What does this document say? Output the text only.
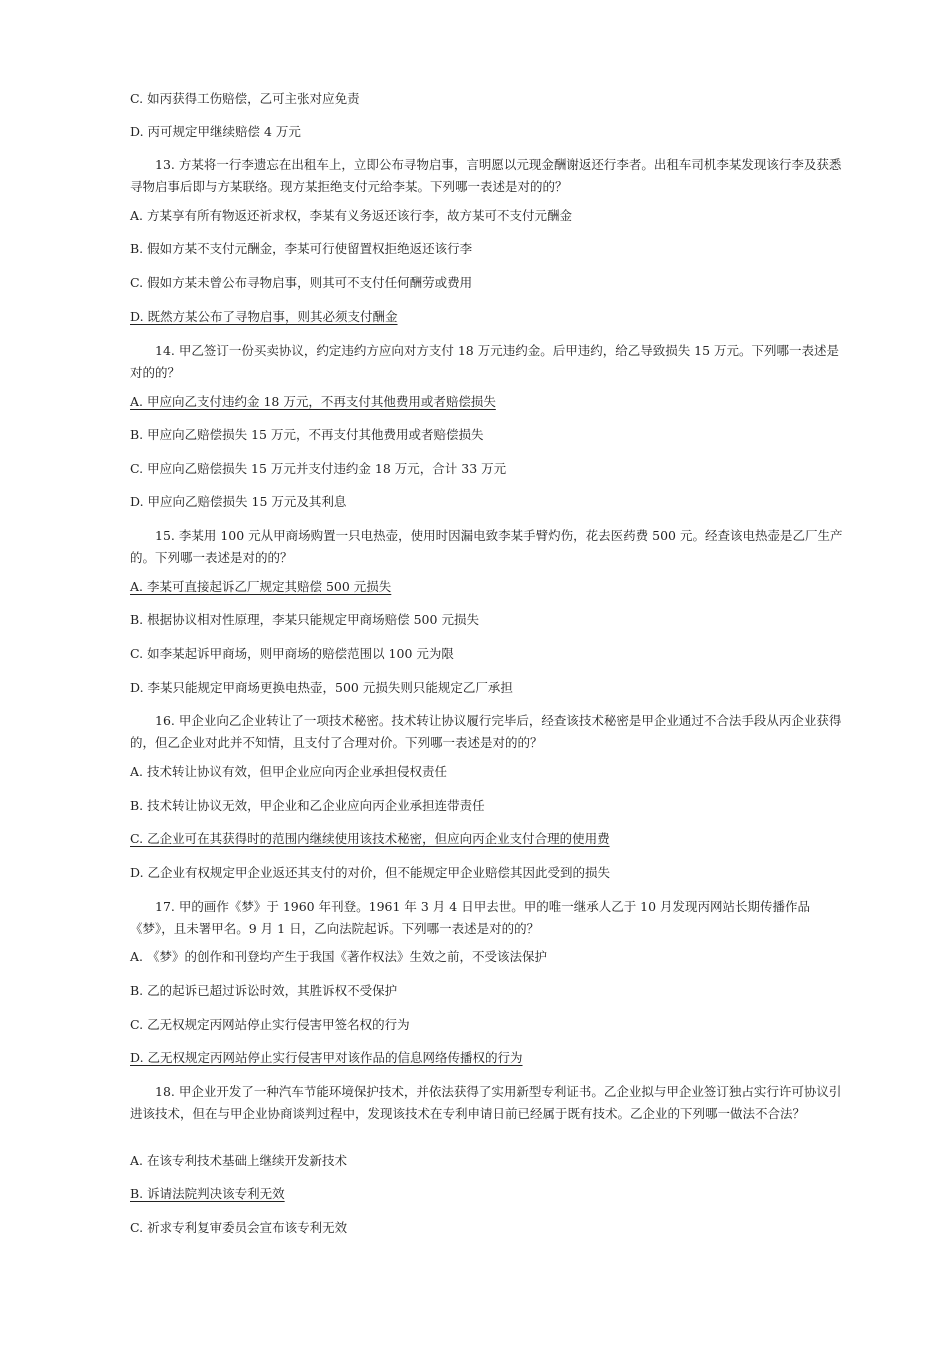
C. 如丙获得工伤赔偿，乙可主张对应免责

D. 丙可规定甲继续赔偿 4 万元

13. 方某将一行李遗忘在出租车上，立即公布寻物启事，言明愿以元现金酬谢返还行李者。出租车司机李某发现该行李及获悉寻物启事后即与方某联络。现方某拒绝支付元给李某。下列哪一表述是对的的？

A. 方某享有所有物返还祈求权，李某有义务返还该行李，故方某可不支付元酬金

B. 假如方某不支付元酬金，李某可行使留置权拒绝返还该行李

C. 假如方某未曾公布寻物启事，则其可不支付任何酬劳或费用

D. 既然方某公布了寻物启事，则其必须支付酬金

14. 甲乙签订一份买卖协议，约定违约方应向对方支付 18 万元违约金。后甲违约，给乙导致损失 15 万元。下列哪一表述是对的的？

A. 甲应向乙支付违约金 18 万元，不再支付其他费用或者赔偿损失

B. 甲应向乙赔偿损失 15 万元，不再支付其他费用或者赔偿损失

C. 甲应向乙赔偿损失 15 万元并支付违约金 18 万元，合计 33 万元

D. 甲应向乙赔偿损失 15 万元及其利息

15. 李某用 100 元从甲商场购置一只电热壶，使用时因漏电致李某手臂灼伤，花去医药费 500 元。经查该电热壶是乙厂生产的。下列哪一表述是对的的？

A. 李某可直接起诉乙厂规定其赔偿 500 元损失

B. 根据协议相对性原理，李某只能规定甲商场赔偿 500 元损失

C. 如李某起诉甲商场，则甲商场的赔偿范围以 100 元为限

D. 李某只能规定甲商场更换电热壶，500 元损失则只能规定乙厂承担

16. 甲企业向乙企业转让了一项技术秘密。技术转让协议履行完毕后，经查该技术秘密是甲企业通过不合法手段从丙企业获得的，但乙企业对此并不知情，且支付了合理对价。下列哪一表述是对的的？

A. 技术转让协议有效，但甲企业应向丙企业承担侵权责任

B. 技术转让协议无效，甲企业和乙企业应向丙企业承担连带责任

C. 乙企业可在其获得时的范围内继续使用该技术秘密，但应向丙企业支付合理的使用费

D. 乙企业有权规定甲企业返还其支付的对价，但不能规定甲企业赔偿其因此受到的损失

17. 甲的画作《梦》于 1960 年刊登。1961 年 3 月 4 日甲去世。甲的唯一继承人乙于 10 月发现丙网站长期传播作品《梦》，且未署甲名。9 月 1 日，乙向法院起诉。下列哪一表述是对的的？

A. 《梦》的创作和刊登均产生于我国《著作权法》生效之前，不受该法保护

B. 乙的起诉已超过诉讼时效，其胜诉权不受保护

C. 乙无权规定丙网站停止实行侵害甲签名权的行为

D. 乙无权规定丙网站停止实行侵害甲对该作品的信息网络传播权的行为

18. 甲企业开发了一种汽车节能环境保护技术，并依法获得了实用新型专利证书。乙企业拟与甲企业签订独占实行许可协议引进该技术，但在与甲企业协商谈判过程中，发现该技术在专利申请日前已经属于既有技术。乙企业的下列哪一做法不合法？

A. 在该专利技术基础上继续开发新技术

B. 诉请法院判决该专利无效

C. 祈求专利复审委员会宣布该专利无效
